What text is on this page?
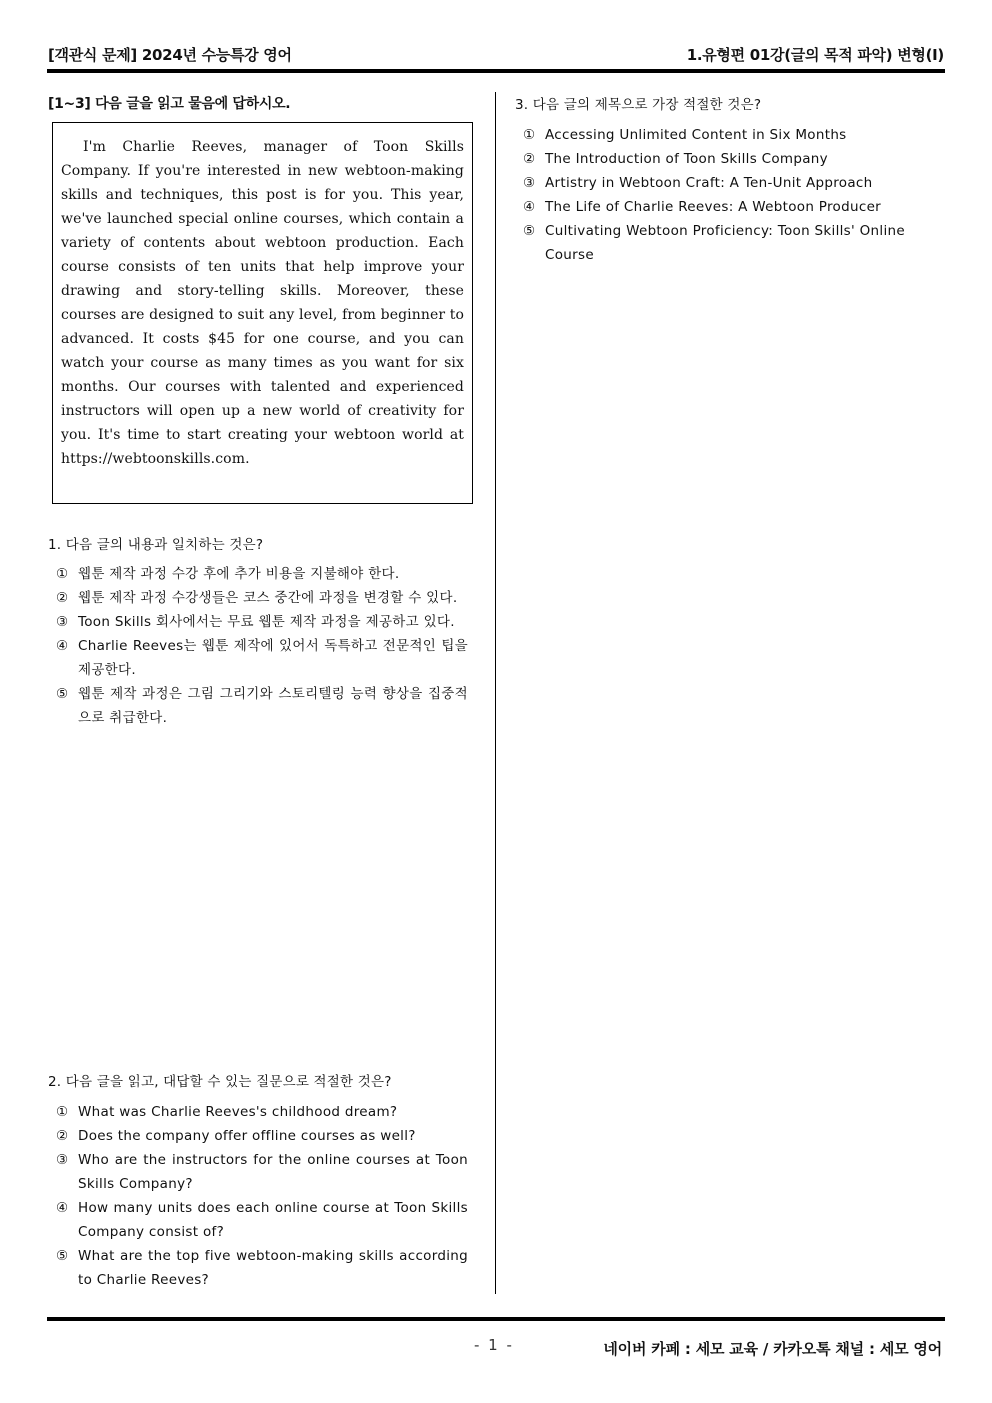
[객관식 문제] 2024년 수능특강 영어	1.유형편 01강(글의 목적 파악) 변형(I)
[1~3] 다음 글을 읽고 물음에 답하시오.
I'm Charlie Reeves, manager of Toon Skills Company. If you're interested in new webtoon-making skills and techniques, this post is for you. This year, we've launched special online courses, which contain a variety of contents about webtoon production. Each course consists of ten units that help improve your drawing and story-telling skills. Moreover, these courses are designed to suit any level, from beginner to advanced. It costs $45 for one course, and you can watch your course as many times as you want for six months. Our courses with talented and experienced instructors will open up a new world of creativity for you. It's time to start creating your webtoon world at https://webtoonskills.com.
1. 다음 글의 내용과 일치하는 것은?
① 웹툰 제작 과정 수강 후에 추가 비용을 지불해야 한다.
② 웹툰 제작 과정 수강생들은 코스 중간에 과정을 변경할 수 있다.
③ Toon Skills 회사에서는 무료 웹툰 제작 과정을 제공하고 있다.
④ Charlie Reeves는 웹툰 제작에 있어서 독특하고 전문적인 팁을 제공한다.
⑤ 웹툰 제작 과정은 그림 그리기와 스토리텔링 능력 향상을 집중적으로 취급한다.
2. 다음 글을 읽고, 대답할 수 있는 질문으로 적절한 것은?
① What was Charlie Reeves's childhood dream?
② Does the company offer offline courses as well?
③ Who are the instructors for the online courses at Toon Skills Company?
④ How many units does each online course at Toon Skills Company consist of?
⑤ What are the top five webtoon-making skills according to Charlie Reeves?
3. 다음 글의 제목으로 가장 적절한 것은?
① Accessing Unlimited Content in Six Months
② The Introduction of Toon Skills Company
③ Artistry in Webtoon Craft: A Ten-Unit Approach
④ The Life of Charlie Reeves: A Webtoon Producer
⑤ Cultivating Webtoon Proficiency: Toon Skills' Online Course
- 1 -	네이버 카페 : 세모 교육 / 카카오톡 채널 : 세모 영어
